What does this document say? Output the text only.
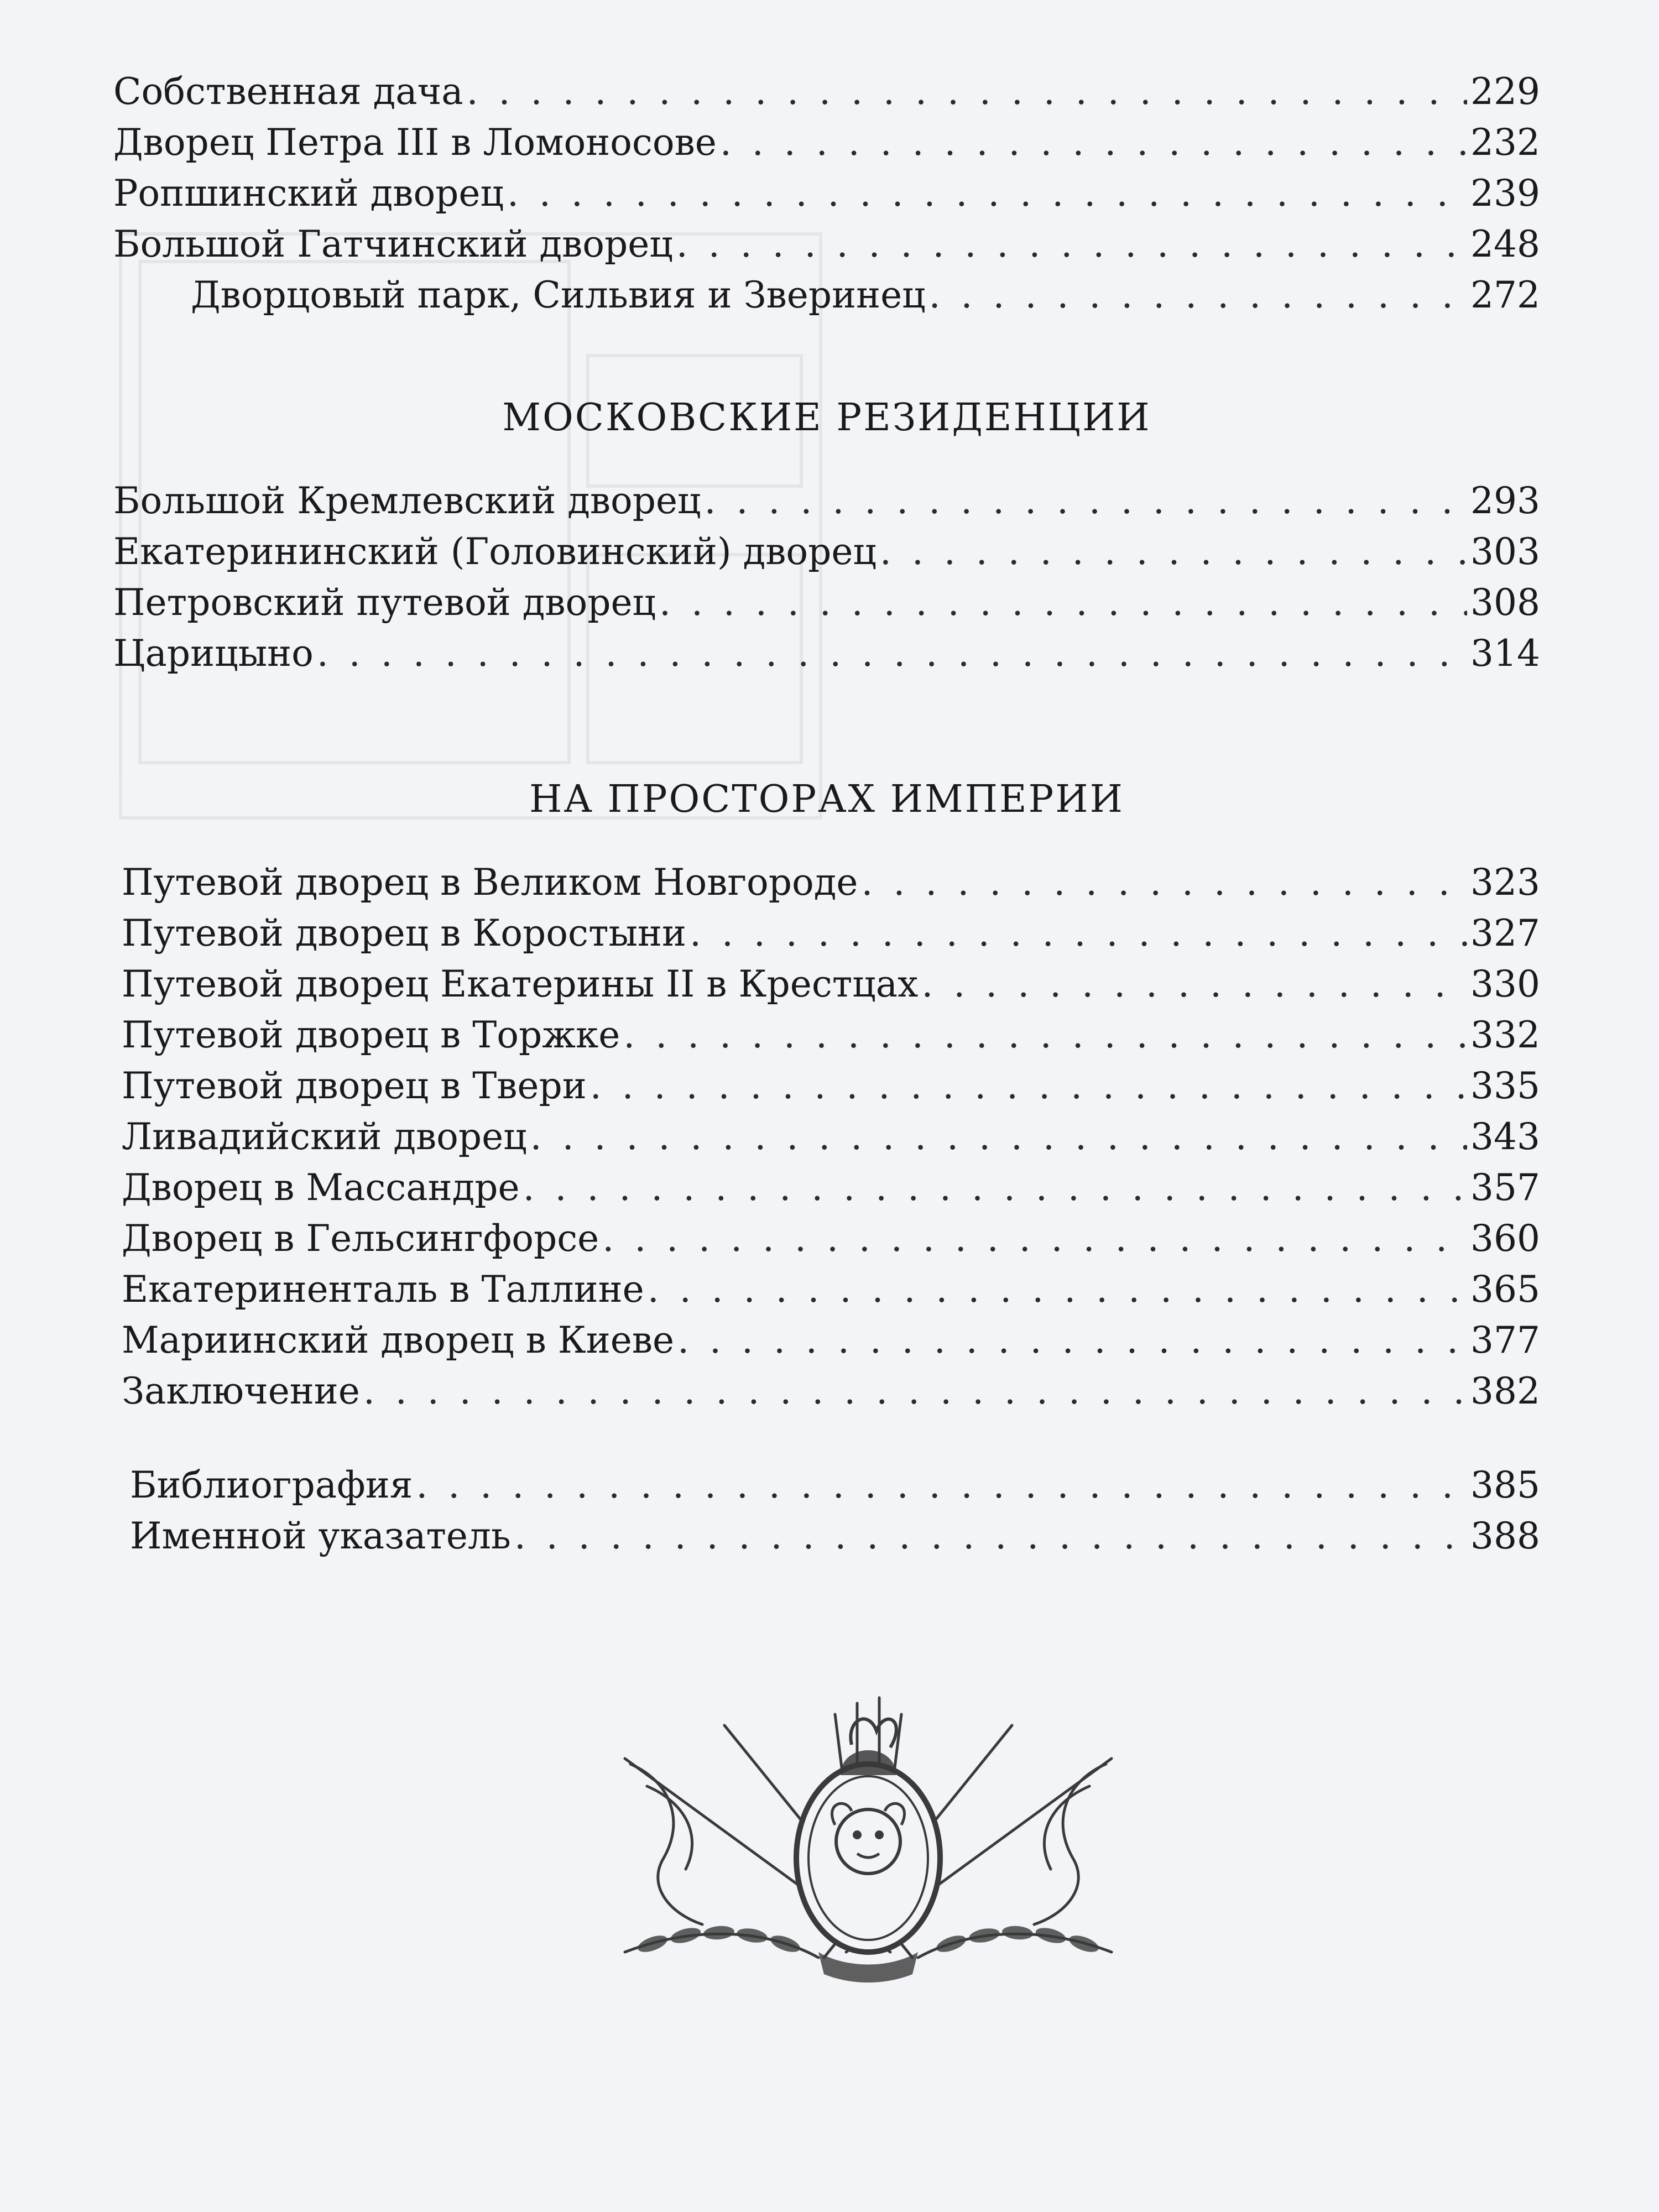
Собственная дача . . .	229
Дворец Петра III в Ломоносове . . .	232
Ропшинский дворец . . .	239
Большой Гатчинский дворец . . .	248
Дворцовый парк, Сильвия и Зверинец . . .	272
МОСКОВСКИЕ РЕЗИДЕНЦИИ
Большой Кремлевский дворец . . .	293
Екатерининский (Головинский) дворец . . .	303
Петровский путевой дворец . . .	308
Царицыно . . .	314
НА ПРОСТОРАХ ИМПЕРИИ
Путевой дворец в Великом Новгороде . . .	323
Путевой дворец в Коростыни . . .	327
Путевой дворец Екатерины II в Крестцах . . .	330
Путевой дворец в Торжке . . .	332
Путевой дворец в Твери . . .	335
Ливадийский дворец . . .	343
Дворец в Массандре . . .	357
Дворец в Гельсингфорсе . . .	360
Екатериненталь в Таллине . . .	365
Мариинский дворец в Киеве . . .	377
Заключение . . .	382
Библиография . . .	385
Именной указатель . . .	388
